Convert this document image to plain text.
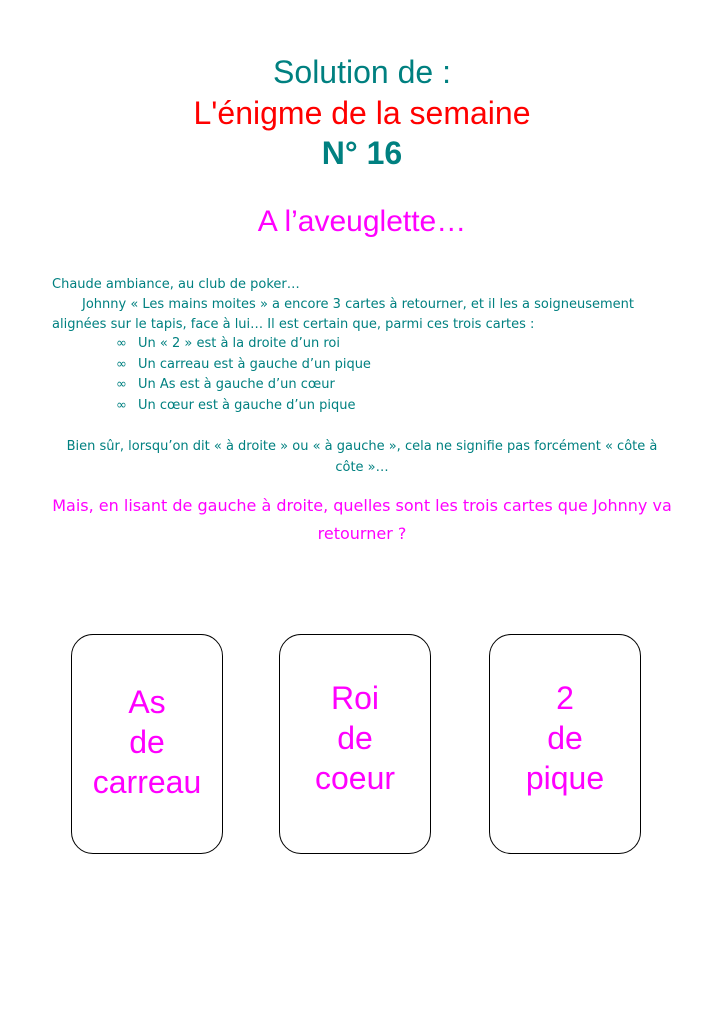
Solution de :
L'énigme de la semaine
N° 16
A l’aveuglette…

Chaude ambiance, au club de poker…

Johnny « Les mains moites » a encore 3 cartes à retourner, et il les a soigneusement alignées sur le tapis, face à lui… Il est certain que, parmi ces trois cartes :

∞ Un « 2 » est à la droite d’un roi
∞ Un carreau est à gauche d’un pique
∞ Un As est à gauche d’un cœur
∞ Un cœur est à gauche d’un pique

Bien sûr, lorsqu’on dit « à droite » ou « à gauche », cela ne signifie pas forcément « côte à côte »…

Mais, en lisant de gauche à droite, quelles sont les trois cartes que Johnny va retourner ?

As
de
carreau
Roi
de
coeur
2
de
pique
